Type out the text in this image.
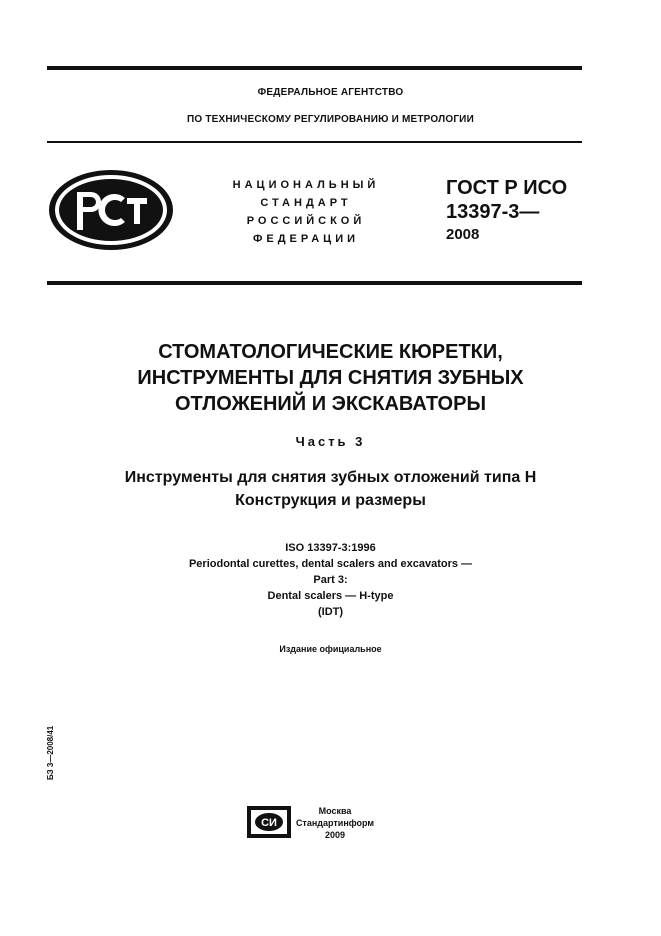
ФЕДЕРАЛЬНОЕ АГЕНТСТВО
ПО ТЕХНИЧЕСКОМУ РЕГУЛИРОВАНИЮ И МЕТРОЛОГИИ
НАЦИОНАЛЬНЫЙ
СТАНДАРТ
РОССИЙСКОЙ
ФЕДЕРАЦИИ
ГОСТ Р ИСО
13397-3—
2008
СТОМАТОЛОГИЧЕСКИЕ КЮРЕТКИ,
ИНСТРУМЕНТЫ ДЛЯ СНЯТИЯ ЗУБНЫХ
ОТЛОЖЕНИЙ И ЭКСКАВАТОРЫ
Часть 3
Инструменты для снятия зубных отложений типа Н
Конструкция и размеры
ISO 13397-3:1996
Periodontal curettes, dental scalers and excavators —
Part 3:
Dental scalers — H-type
(IDT)
Издание официальное
БЗ 3—2008/41
СИ
Москва
Стандартинформ
2009
